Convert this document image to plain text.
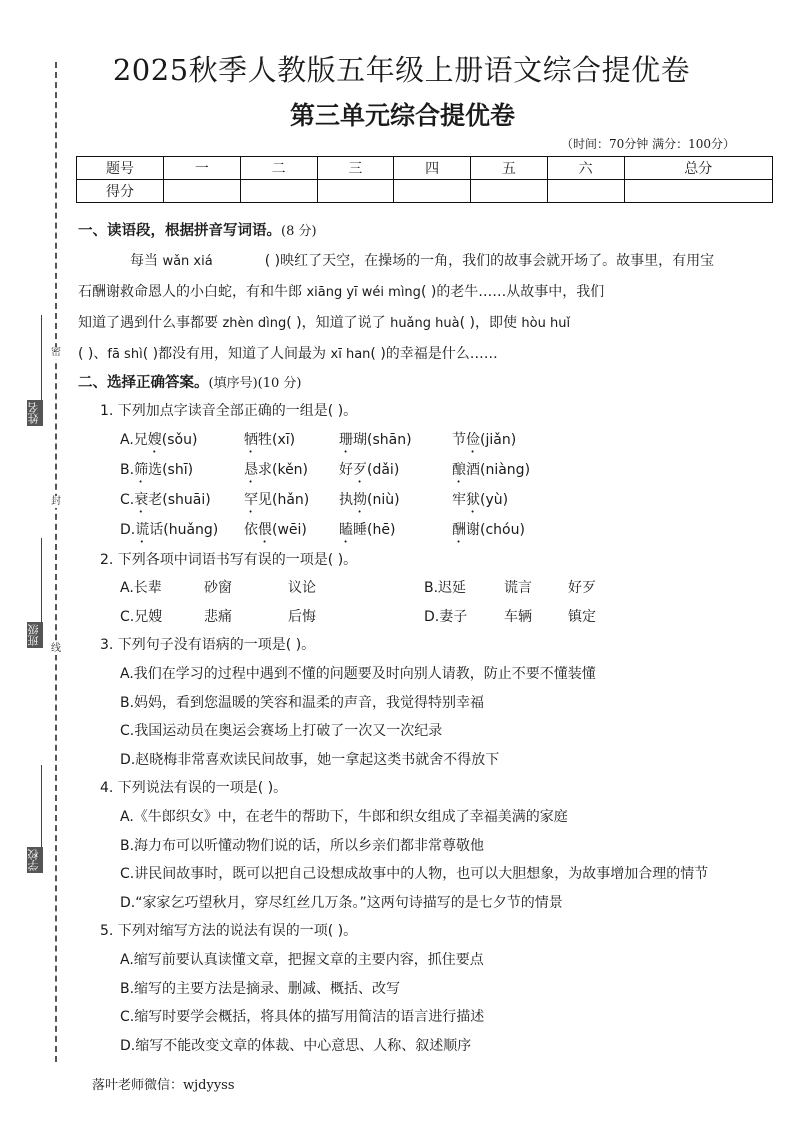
密
封
线
姓名
班级
学校
2025秋季人教版五年级上册语文综合提优卷
第三单元综合提优卷
（时间：70分钟 满分：100分）
题号	一	二	三	四	五	六	总分
得分							
一、读语段，根据拼音写词语。(8 分)
每当 wǎn xiá	( )映红了天空，在操场的一角，我们的故事会就开场了。故事里，有用宝
石酬谢救命恩人的小白蛇，有和牛郎 xiāng yī wéi mìng( )的老牛……从故事中，我们
知道了遇到什么事都要 zhèn dìng( )，知道了说了 huǎng huà( )，即使 hòu huǐ
( )、fā shì( )都没有用，知道了人间最为 xī han( )的幸福是什么……
二、选择正确答案。(填序号)(10 分)
1. 下列加点字读音全部正确的一组是( )。
A.兄嫂(sǒu)	牺牲(xī)	珊瑚(shān)	节俭(jiǎn)
B.筛选(shī)	恳求(kěn)	好歹(dǎi)	酿酒(niàng)
C.衰老(shuāi)	罕见(hǎn)	执拗(niù)	牢狱(yù)
D.谎话(huǎng)	依偎(wēi)	瞌睡(hē)	酬谢(chóu)
2. 下列各项中词语书写有误的一项是( )。
A.长辈	砂窗	议论	B.迟延	谎言	好歹
C.兄嫂	悲痛	后悔	D.妻子	车辆	镇定
3. 下列句子没有语病的一项是( )。
A.我们在学习的过程中遇到不懂的问题要及时向别人请教，防止不要不懂装懂
B.妈妈，看到您温暖的笑容和温柔的声音，我觉得特别幸福
C.我国运动员在奥运会赛场上打破了一次又一次纪录
D.赵晓梅非常喜欢读民间故事，她一拿起这类书就舍不得放下
4. 下列说法有误的一项是( )。
A.《牛郎织女》中，在老牛的帮助下，牛郎和织女组成了幸福美满的家庭
B.海力布可以听懂动物们说的话，所以乡亲们都非常尊敬他
C.讲民间故事时，既可以把自己设想成故事中的人物，也可以大胆想象，为故事增加合理的情节
D.“家家乞巧望秋月，穿尽红丝几万条。”这两句诗描写的是七夕节的情景
5. 下列对缩写方法的说法有误的一项( )。
A.缩写前要认真读懂文章，把握文章的主要内容，抓住要点
B.缩写的主要方法是摘录、删减、概括、改写
C.缩写时要学会概括，将具体的描写用简洁的语言进行描述
D.缩写不能改变文章的体裁、中心意思、人称、叙述顺序
落叶老师微信：wjdyyss
